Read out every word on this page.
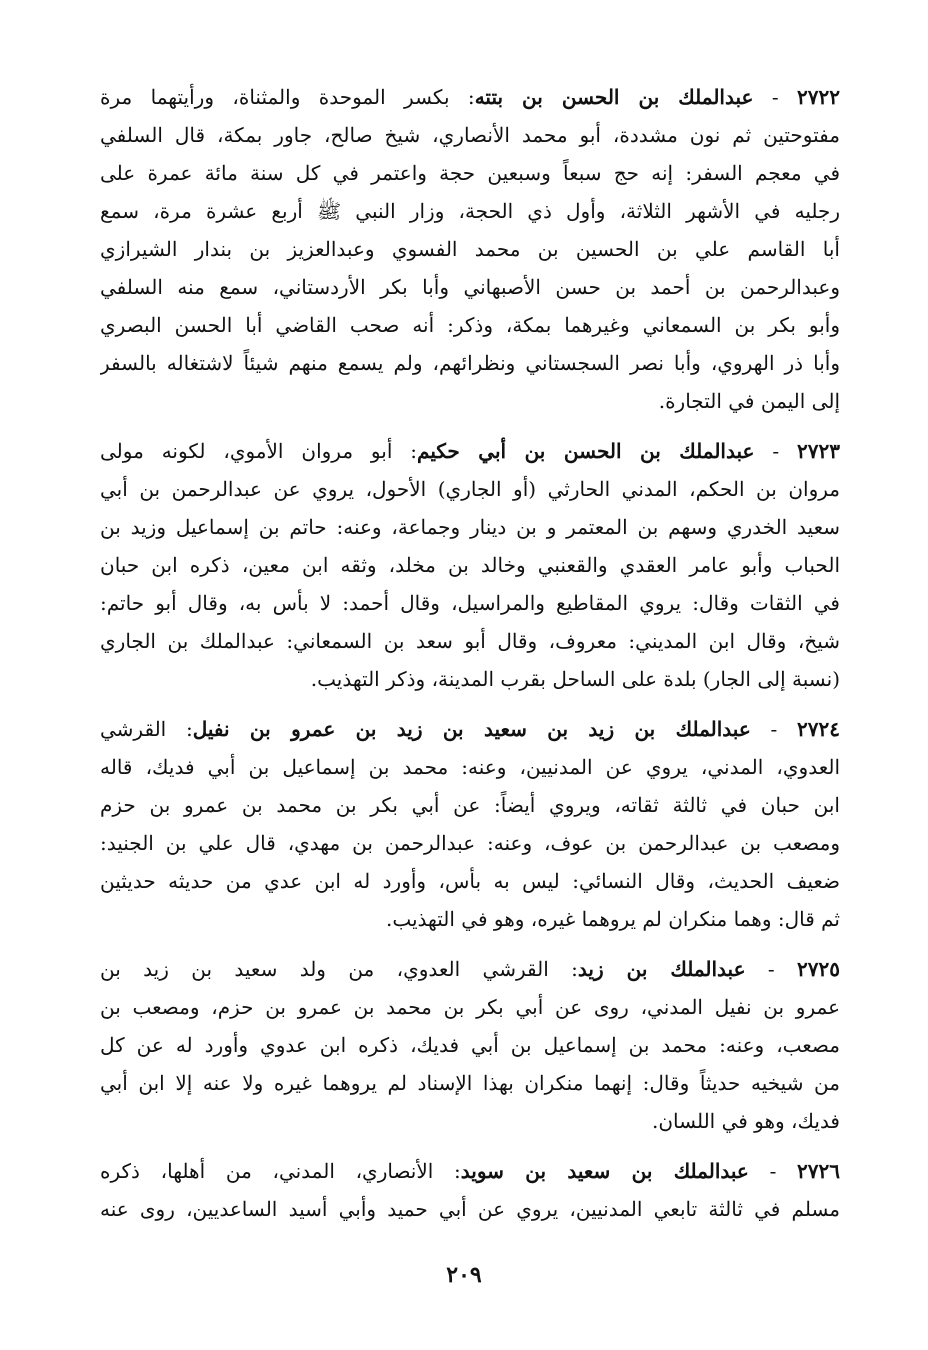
٢٧٢٢ - عبدالملك بن الحسن بن بتته: بكسر الموحدة والمثناة، ورأيتهما مرة
مفتوحتين ثم نون مشددة، أبو محمد الأنصاري، شيخ صالح، جاور بمكة، قال السلفي
في معجم السفر: إنه حج سبعاً وسبعين حجة واعتمر في كل سنة مائة عمرة على
رجليه في الأشهر الثلاثة، وأول ذي الحجة، وزار النبي ﷺ أربع عشرة مرة، سمع
أبا القاسم علي بن الحسين بن محمد الفسوي وعبدالعزيز بن بندار الشيرازي
وعبدالرحمن بن أحمد بن حسن الأصبهاني وأبا بكر الأردستاني، سمع منه السلفي
وأبو بكر بن السمعاني وغيرهما بمكة، وذكر: أنه صحب القاضي أبا الحسن البصري
وأبا ذر الهروي، وأبا نصر السجستاني ونظرائهم، ولم يسمع منهم شيئاً لاشتغاله بالسفر
إلى اليمن في التجارة.
٢٧٢٣ - عبدالملك بن الحسن بن أبي حكيم: أبو مروان الأموي، لكونه مولى
مروان بن الحكم، المدني الحارثي (أو الجاري) الأحول، يروي عن عبدالرحمن بن أبي
سعيد الخدري وسهم بن المعتمر و بن دينار وجماعة، وعنه: حاتم بن إسماعيل وزيد بن
الحباب وأبو عامر العقدي والقعنبي وخالد بن مخلد، وثقه ابن معين، ذكره ابن حبان
في الثقات وقال: يروي المقاطيع والمراسيل، وقال أحمد: لا بأس به، وقال أبو حاتم:
شيخ، وقال ابن المديني: معروف، وقال أبو سعد بن السمعاني: عبدالملك بن الجاري
(نسبة إلى الجار) بلدة على الساحل بقرب المدينة، وذكر التهذيب.
٢٧٢٤ - عبدالملك بن زيد بن سعيد بن زيد بن عمرو بن نفيل: القرشي
العدوي، المدني، يروي عن المدنيين، وعنه: محمد بن إسماعيل بن أبي فديك، قاله
ابن حبان في ثالثة ثقاته، ويروي أيضاً: عن أبي بكر بن محمد بن عمرو بن حزم
ومصعب بن عبدالرحمن بن عوف، وعنه: عبدالرحمن بن مهدي، قال علي بن الجنيد:
ضعيف الحديث، وقال النسائي: ليس به بأس، وأورد له ابن عدي من حديثه حديثين
ثم قال: وهما منكران لم يروهما غيره، وهو في التهذيب.
٢٧٢٥ - عبدالملك بن زيد: القرشي العدوي، من ولد سعيد بن زيد بن
عمرو بن نفيل المدني، روى عن أبي بكر بن محمد بن عمرو بن حزم، ومصعب بن
مصعب، وعنه: محمد بن إسماعيل بن أبي فديك، ذكره ابن عدوي وأورد له عن كل
من شيخيه حديثاً وقال: إنهما منكران بهذا الإسناد لم يروهما غيره ولا عنه إلا ابن أبي
فديك، وهو في اللسان.
٢٧٢٦ - عبدالملك بن سعيد بن سويد: الأنصاري، المدني، من أهلها، ذكره
مسلم في ثالثة تابعي المدنيين، يروي عن أبي حميد وأبي أسيد الساعديين، روى عنه
٢٠٩
